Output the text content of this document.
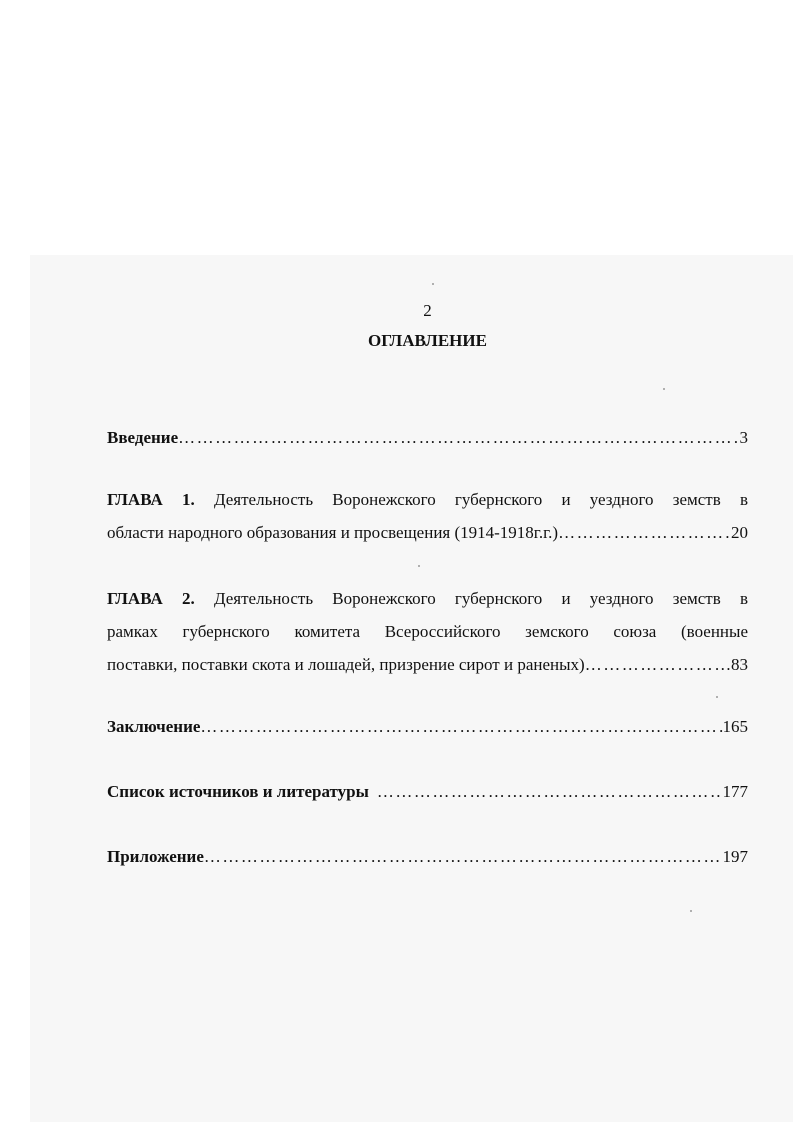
2
ОГЛАВЛЕНИЕ
Введение ………………………………………………………………………………………………………………………………………………………………	3
ГЛАВА 1. Деятельность Воронежского губернского и уездного земств в
области народного образования и просвещения (1914-1918г.г.) ………………………………………………………………………………………………………………………………………………………………	20
ГЛАВА 2. Деятельность Воронежского губернского и уездного земств в
рамках губернского комитета Всероссийского земского союза (военные
поставки, поставки скота и лошадей, призрение сирот и раненых) ………………………………………………………………………………………………………………………………………………………………	83
Заключение ………………………………………………………………………………………………………………………………………………………………	165
Список источников и литературы ………………………………………………………………………………………………………………………………………………………………	177
Приложение ………………………………………………………………………………………………………………………………………………………………	197
